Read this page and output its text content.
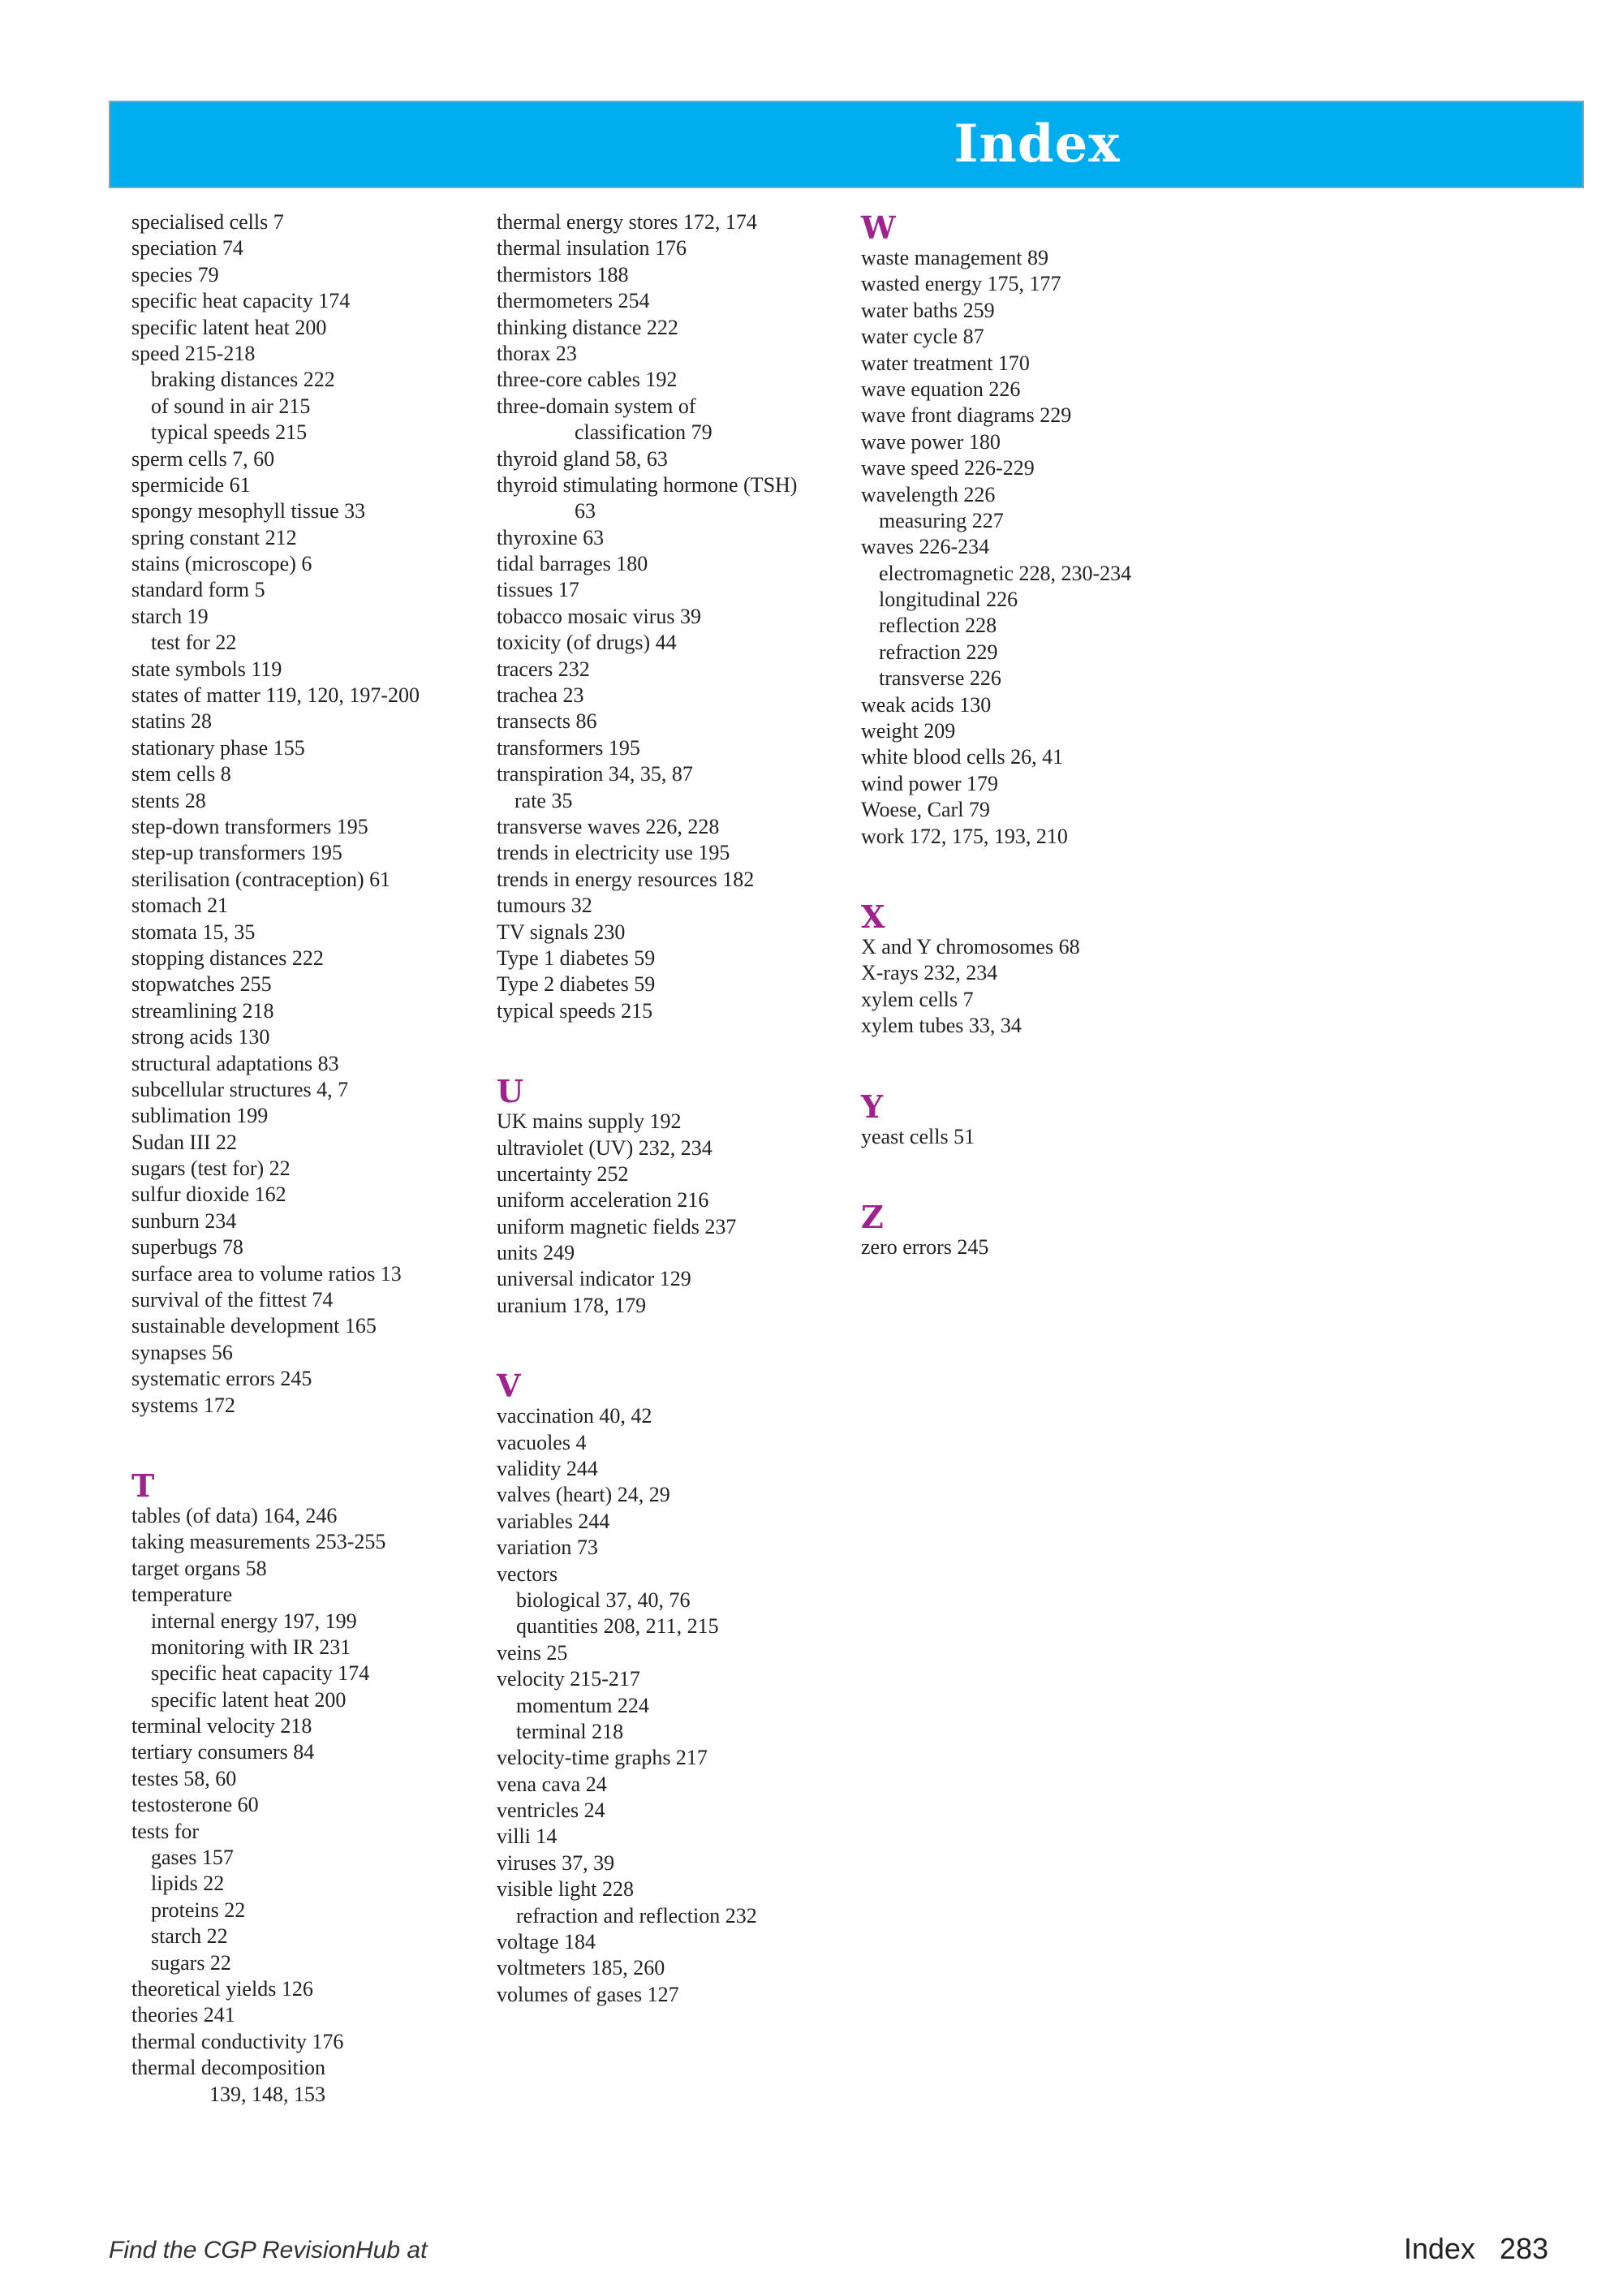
Index
specialised cells 7
speciation 74
species 79
specific heat capacity 174
specific latent heat 200
speed 215-218
braking distances 222
of sound in air 215
typical speeds 215
sperm cells 7, 60
spermicide 61
spongy mesophyll tissue 33
spring constant 212
stains (microscope) 6
standard form 5
starch 19
test for 22
state symbols 119
states of matter 119, 120, 197-200
statins 28
stationary phase 155
stem cells 8
stents 28
step-down transformers 195
step-up transformers 195
sterilisation (contraception) 61
stomach 21
stomata 15, 35
stopping distances 222
stopwatches 255
streamlining 218
strong acids 130
structural adaptations 83
subcellular structures 4, 7
sublimation 199
Sudan III 22
sugars (test for) 22
sulfur dioxide 162
sunburn 234
superbugs 78
surface area to volume ratios 13
survival of the fittest 74
sustainable development 165
synapses 56
systematic errors 245
systems 172
T
tables (of data) 164, 246
taking measurements 253-255
target organs 58
temperature
internal energy 197, 199
monitoring with IR 231
specific heat capacity 174
specific latent heat 200
terminal velocity 218
tertiary consumers 84
testes 58, 60
testosterone 60
tests for
gases 157
lipids 22
proteins 22
starch 22
sugars 22
theoretical yields 126
theories 241
thermal conductivity 176
thermal decomposition
139, 148, 153
thermal energy stores 172, 174
thermal insulation 176
thermistors 188
thermometers 254
thinking distance 222
thorax 23
three-core cables 192
three-domain system of
classification 79
thyroid gland 58, 63
thyroid stimulating hormone (TSH)
63
thyroxine 63
tidal barrages 180
tissues 17
tobacco mosaic virus 39
toxicity (of drugs) 44
tracers 232
trachea 23
transects 86
transformers 195
transpiration 34, 35, 87
rate 35
transverse waves 226, 228
trends in electricity use 195
trends in energy resources 182
tumours 32
TV signals 230
Type 1 diabetes 59
Type 2 diabetes 59
typical speeds 215
U
UK mains supply 192
ultraviolet (UV) 232, 234
uncertainty 252
uniform acceleration 216
uniform magnetic fields 237
units 249
universal indicator 129
uranium 178, 179
V
vaccination 40, 42
vacuoles 4
validity 244
valves (heart) 24, 29
variables 244
variation 73
vectors
biological 37, 40, 76
quantities 208, 211, 215
veins 25
velocity 215-217
momentum 224
terminal 218
velocity-time graphs 217
vena cava 24
ventricles 24
villi 14
viruses 37, 39
visible light 228
refraction and reflection 232
voltage 184
voltmeters 185, 260
volumes of gases 127
W
waste management 89
wasted energy 175, 177
water baths 259
water cycle 87
water treatment 170
wave equation 226
wave front diagrams 229
wave power 180
wave speed 226-229
wavelength 226
measuring 227
waves 226-234
electromagnetic 228, 230-234
longitudinal 226
reflection 228
refraction 229
transverse 226
weak acids 130
weight 209
white blood cells 26, 41
wind power 179
Woese, Carl 79
work 172, 175, 193, 210
X
X and Y chromosomes 68
X-rays 232, 234
xylem cells 7
xylem tubes 33, 34
Y
yeast cells 51
Z
zero errors 245
Find the CGP RevisionHub at	Index 283
